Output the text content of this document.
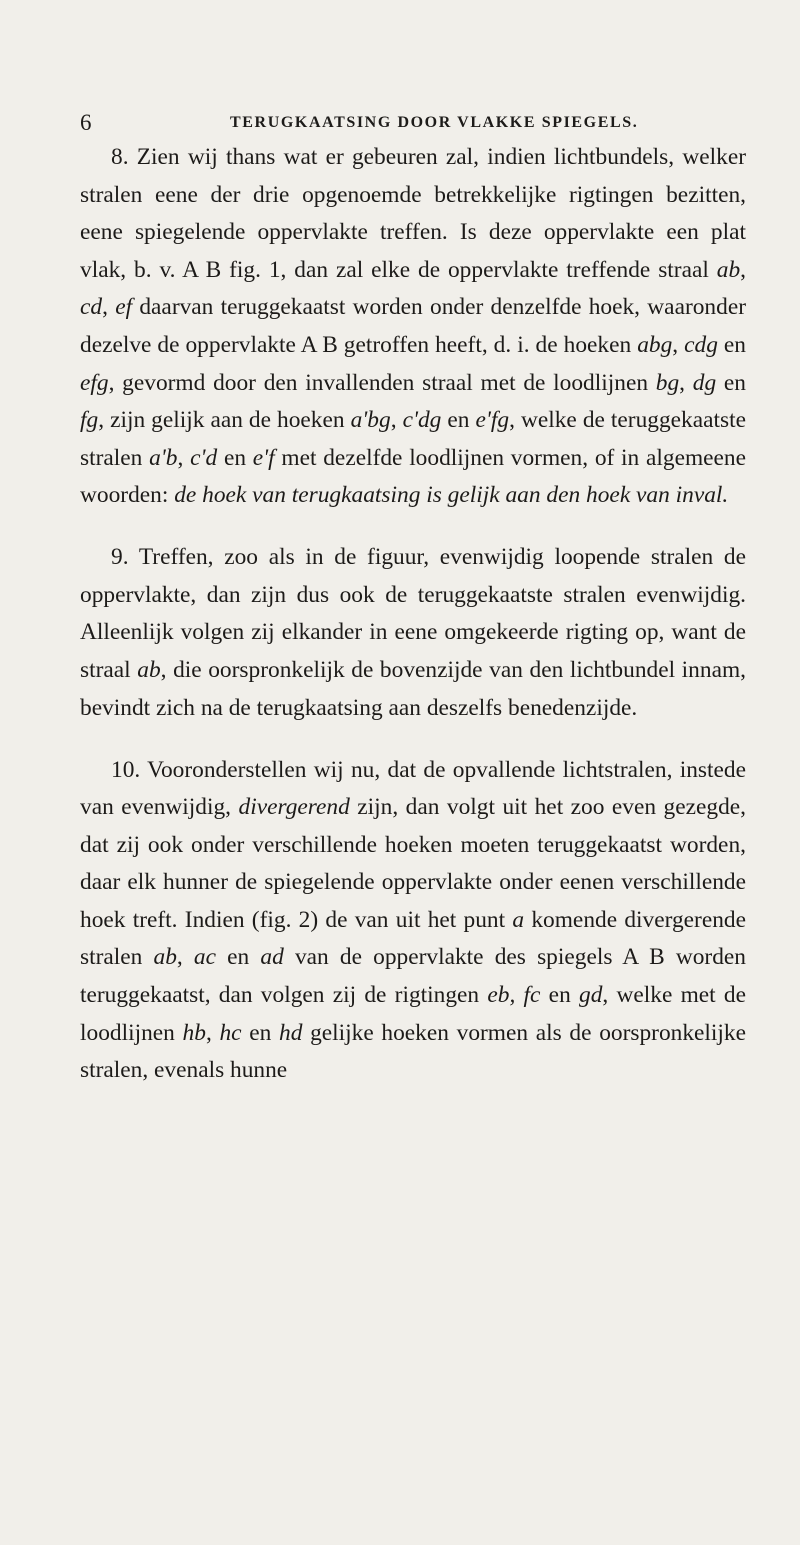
6	TERUGKAATSING DOOR VLAKKE SPIEGELS.

8. Zien wij thans wat er gebeuren zal, indien lichtbundels, welker stralen eene der drie opgenoemde betrekkelijke rigtingen bezitten, eene spiegelende oppervlakte treffen. Is deze oppervlakte een plat vlak, b. v. A B fig. 1, dan zal elke de oppervlakte treffende straal ab, cd, ef daarvan teruggekaatst worden onder denzelfde hoek, waaronder dezelve de oppervlakte A B getroffen heeft, d. i. de hoeken abg, cdg en efg, gevormd door den invallenden straal met de loodlijnen bg, dg en fg, zijn gelijk aan de hoeken a'bg, c'dg en e'fg, welke de teruggekaatste stralen a'b, c'd en e'f met dezelfde loodlijnen vormen, of in algemeene woorden: de hoek van terugkaatsing is gelijk aan den hoek van inval.

9. Treffen, zoo als in de figuur, evenwijdig loopende stralen de oppervlakte, dan zijn dus ook de teruggekaatste stralen evenwijdig. Alleenlijk volgen zij elkander in eene omgekeerde rigting op, want de straal ab, die oorspronkelijk de bovenzijde van den lichtbundel innam, bevindt zich na de terugkaatsing aan deszelfs benedenzijde.

10. Vooronderstellen wij nu, dat de opvallende lichtstralen, instede van evenwijdig, divergerend zijn, dan volgt uit het zoo even gezegde, dat zij ook onder verschillende hoeken moeten teruggekaatst worden, daar elk hunner de spiegelende oppervlakte onder eenen verschillende hoek treft. Indien (fig. 2) de van uit het punt a komende divergerende stralen ab, ac en ad van de oppervlakte des spiegels A B worden teruggekaatst, dan volgen zij de rigtingen eb, fc en gd, welke met de loodlijnen hb, hc en hd gelijke hoeken vormen als de oorspronkelijke stralen, evenals hunne
